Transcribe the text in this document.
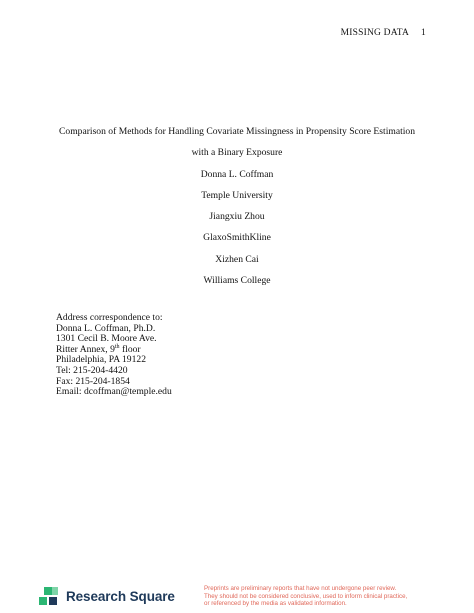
MISSING DATA 1
Comparison of Methods for Handling Covariate Missingness in Propensity Score Estimation
with a Binary Exposure
Donna L. Coffman
Temple University
Jiangxiu Zhou
GlaxoSmithKline
Xizhen Cai
Williams College
Address correspondence to:
Donna L. Coffman, Ph.D.
1301 Cecil B. Moore Ave.
Ritter Annex, 9th floor
Philadelphia, PA 19122
Tel: 215-204-4420
Fax: 215-204-1854
Email: dcoffman@temple.edu
Research Square	Preprints are preliminary reports that have not undergone peer review.
They should not be considered conclusive, used to inform clinical practice,
or referenced by the media as validated information.
